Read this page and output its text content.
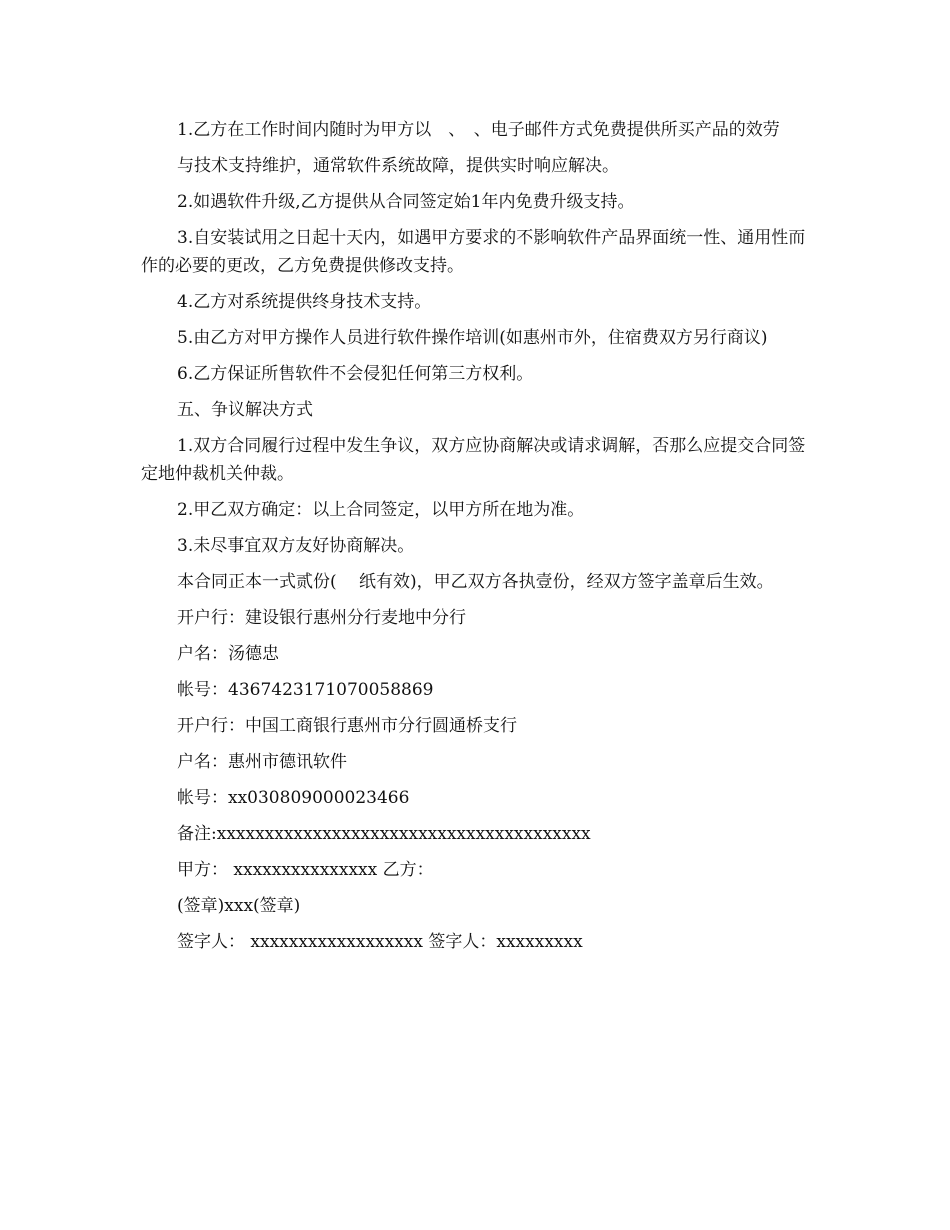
1.乙方在工作时间内随时为甲方以　、　、电子邮件方式免费提供所买产品的效劳

与技术支持维护，通常软件系统故障，提供实时响应解决。

2.如遇软件升级,乙方提供从合同签定始1年内免费升级支持。

3.自安装试用之日起十天内，如遇甲方要求的不影响软件产品界面统一性、通用性而作的必要的更改，乙方免费提供修改支持。

4.乙方对系统提供终身技术支持。

5.由乙方对甲方操作人员进行软件操作培训(如惠州市外，住宿费双方另行商议)

6.乙方保证所售软件不会侵犯任何第三方权利。

五、争议解决方式

1.双方合同履行过程中发生争议，双方应协商解决或请求调解，否那么应提交合同签定地仲裁机关仲裁。

2.甲乙双方确定：以上合同签定，以甲方所在地为准。

3.未尽事宜双方友好协商解决。

本合同正本一式贰份(　 纸有效)，甲乙双方各执壹份，经双方签字盖章后生效。

开户行：建设银行惠州分行麦地中分行

户名：汤德忠

帐号：4367423171070058869

开户行：中国工商银行惠州市分行圆通桥支行

户名：惠州市德讯软件

帐号：xx030809000023466

备注:xxxxxxxxxxxxxxxxxxxxxxxxxxxxxxxxxxxxxxx

甲方： xxxxxxxxxxxxxxx 乙方：

(签章)xxx(签章)

签字人： xxxxxxxxxxxxxxxxxx 签字人：xxxxxxxxx
